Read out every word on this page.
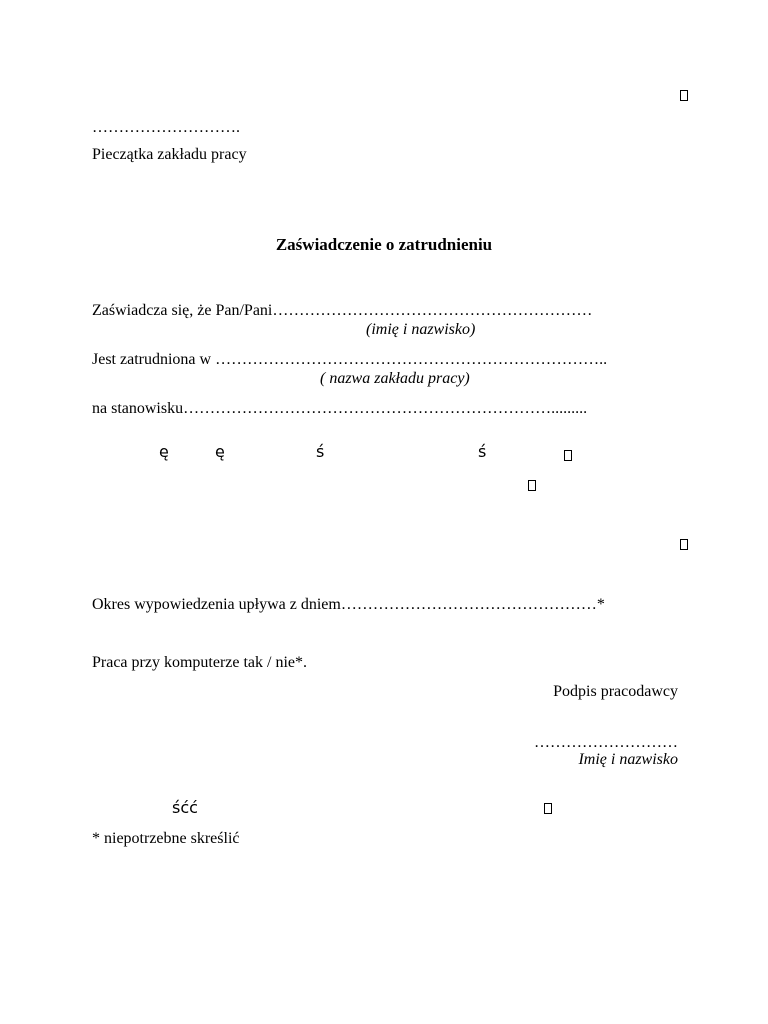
……………………….
Pieczątka zakładu pracy
Zaświadczenie o zatrudnieniu
Zaświadcza się, że Pan/Pani……………………………………………………
(imię i nazwisko)
Jest zatrudniona w ………………………………………………………………..
( nazwa zakładu pracy)
na stanowisku…………………………………………………………….........
ę	ę	ś	ś
Okres wypowiedzenia upływa z dniem…………………………………………*
Praca przy komputerze tak / nie*.
Podpis pracodawcy
………………………
Imię i nazwisko
śćć
* niepotrzebne skreślić
